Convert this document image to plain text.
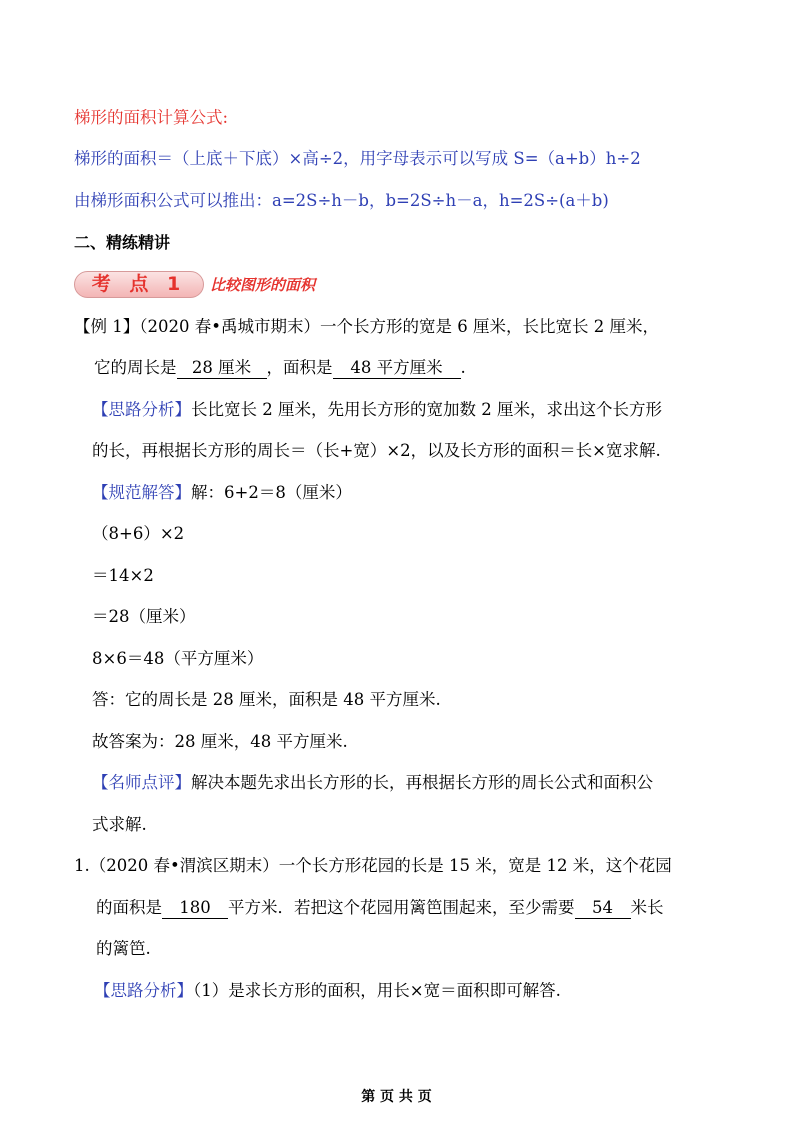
梯形的面积计算公式:
梯形的面积＝（上底＋下底）×高÷2，用字母表示可以写成 S=（a+b）h÷2
由梯形面积公式可以推出：a=2S÷h－b，b=2S÷h－a，h=2S÷(a＋b)
二、精练精讲
考 点 1	比较图形的面积
【例 1】（2020 春•禹城市期末）一个长方形的宽是 6 厘米，长比宽长 2 厘米，
它的周长是 28 厘米 ，面积是 48 平方厘米 .
【思路分析】长比宽长 2 厘米，先用长方形的宽加数 2 厘米，求出这个长方形
的长，再根据长方形的周长＝（长+宽）×2，以及长方形的面积＝长×宽求解.
【规范解答】解：6+2＝8（厘米）
（8+6）×2
＝14×2
＝28（厘米）
8×6＝48（平方厘米）
答：它的周长是 28 厘米，面积是 48 平方厘米.
故答案为：28 厘米，48 平方厘米.
【名师点评】解决本题先求出长方形的长，再根据长方形的周长公式和面积公
式求解.
1.（2020 春•渭滨区期末）一个长方形花园的长是 15 米，宽是 12 米，这个花园
的面积是 180 平方米．若把这个花园用篱笆围起来，至少需要 54 米长
的篱笆.
【思路分析】（1）是求长方形的面积，用长×宽＝面积即可解答.
第 页 共 页
